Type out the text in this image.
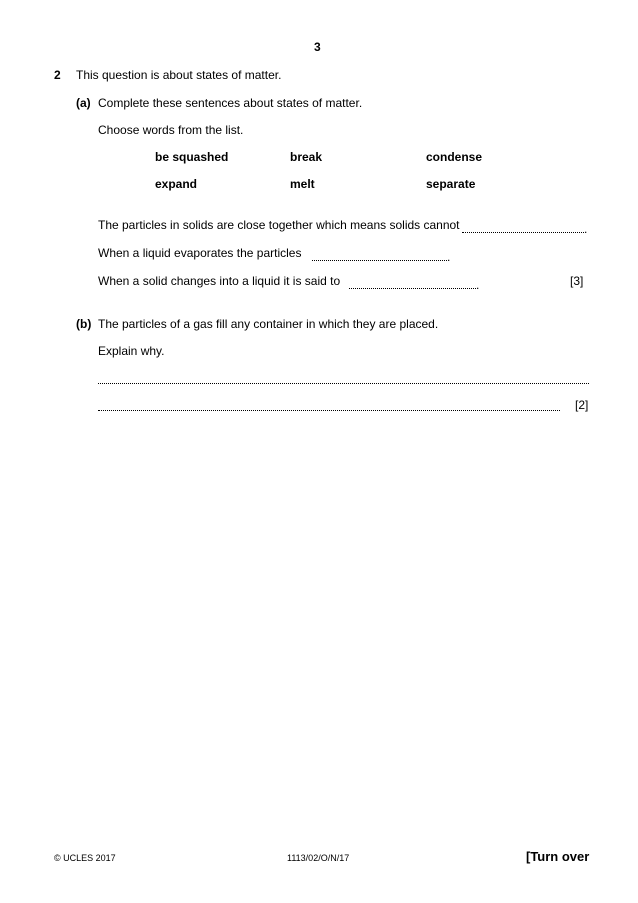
3
2 This question is about states of matter.
(a) Complete these sentences about states of matter.
Choose words from the list.
be squashed	break	condense
expand	melt	separate
The particles in solids are close together which means solids cannot	.
When a liquid evaporates the particles	.
When a solid changes into a liquid it is said to	.	[3]
(b) The particles of a gas fill any container in which they are placed.
Explain why.
[2]
© UCLES 2017	1113/02/O/N/17	[Turn over
